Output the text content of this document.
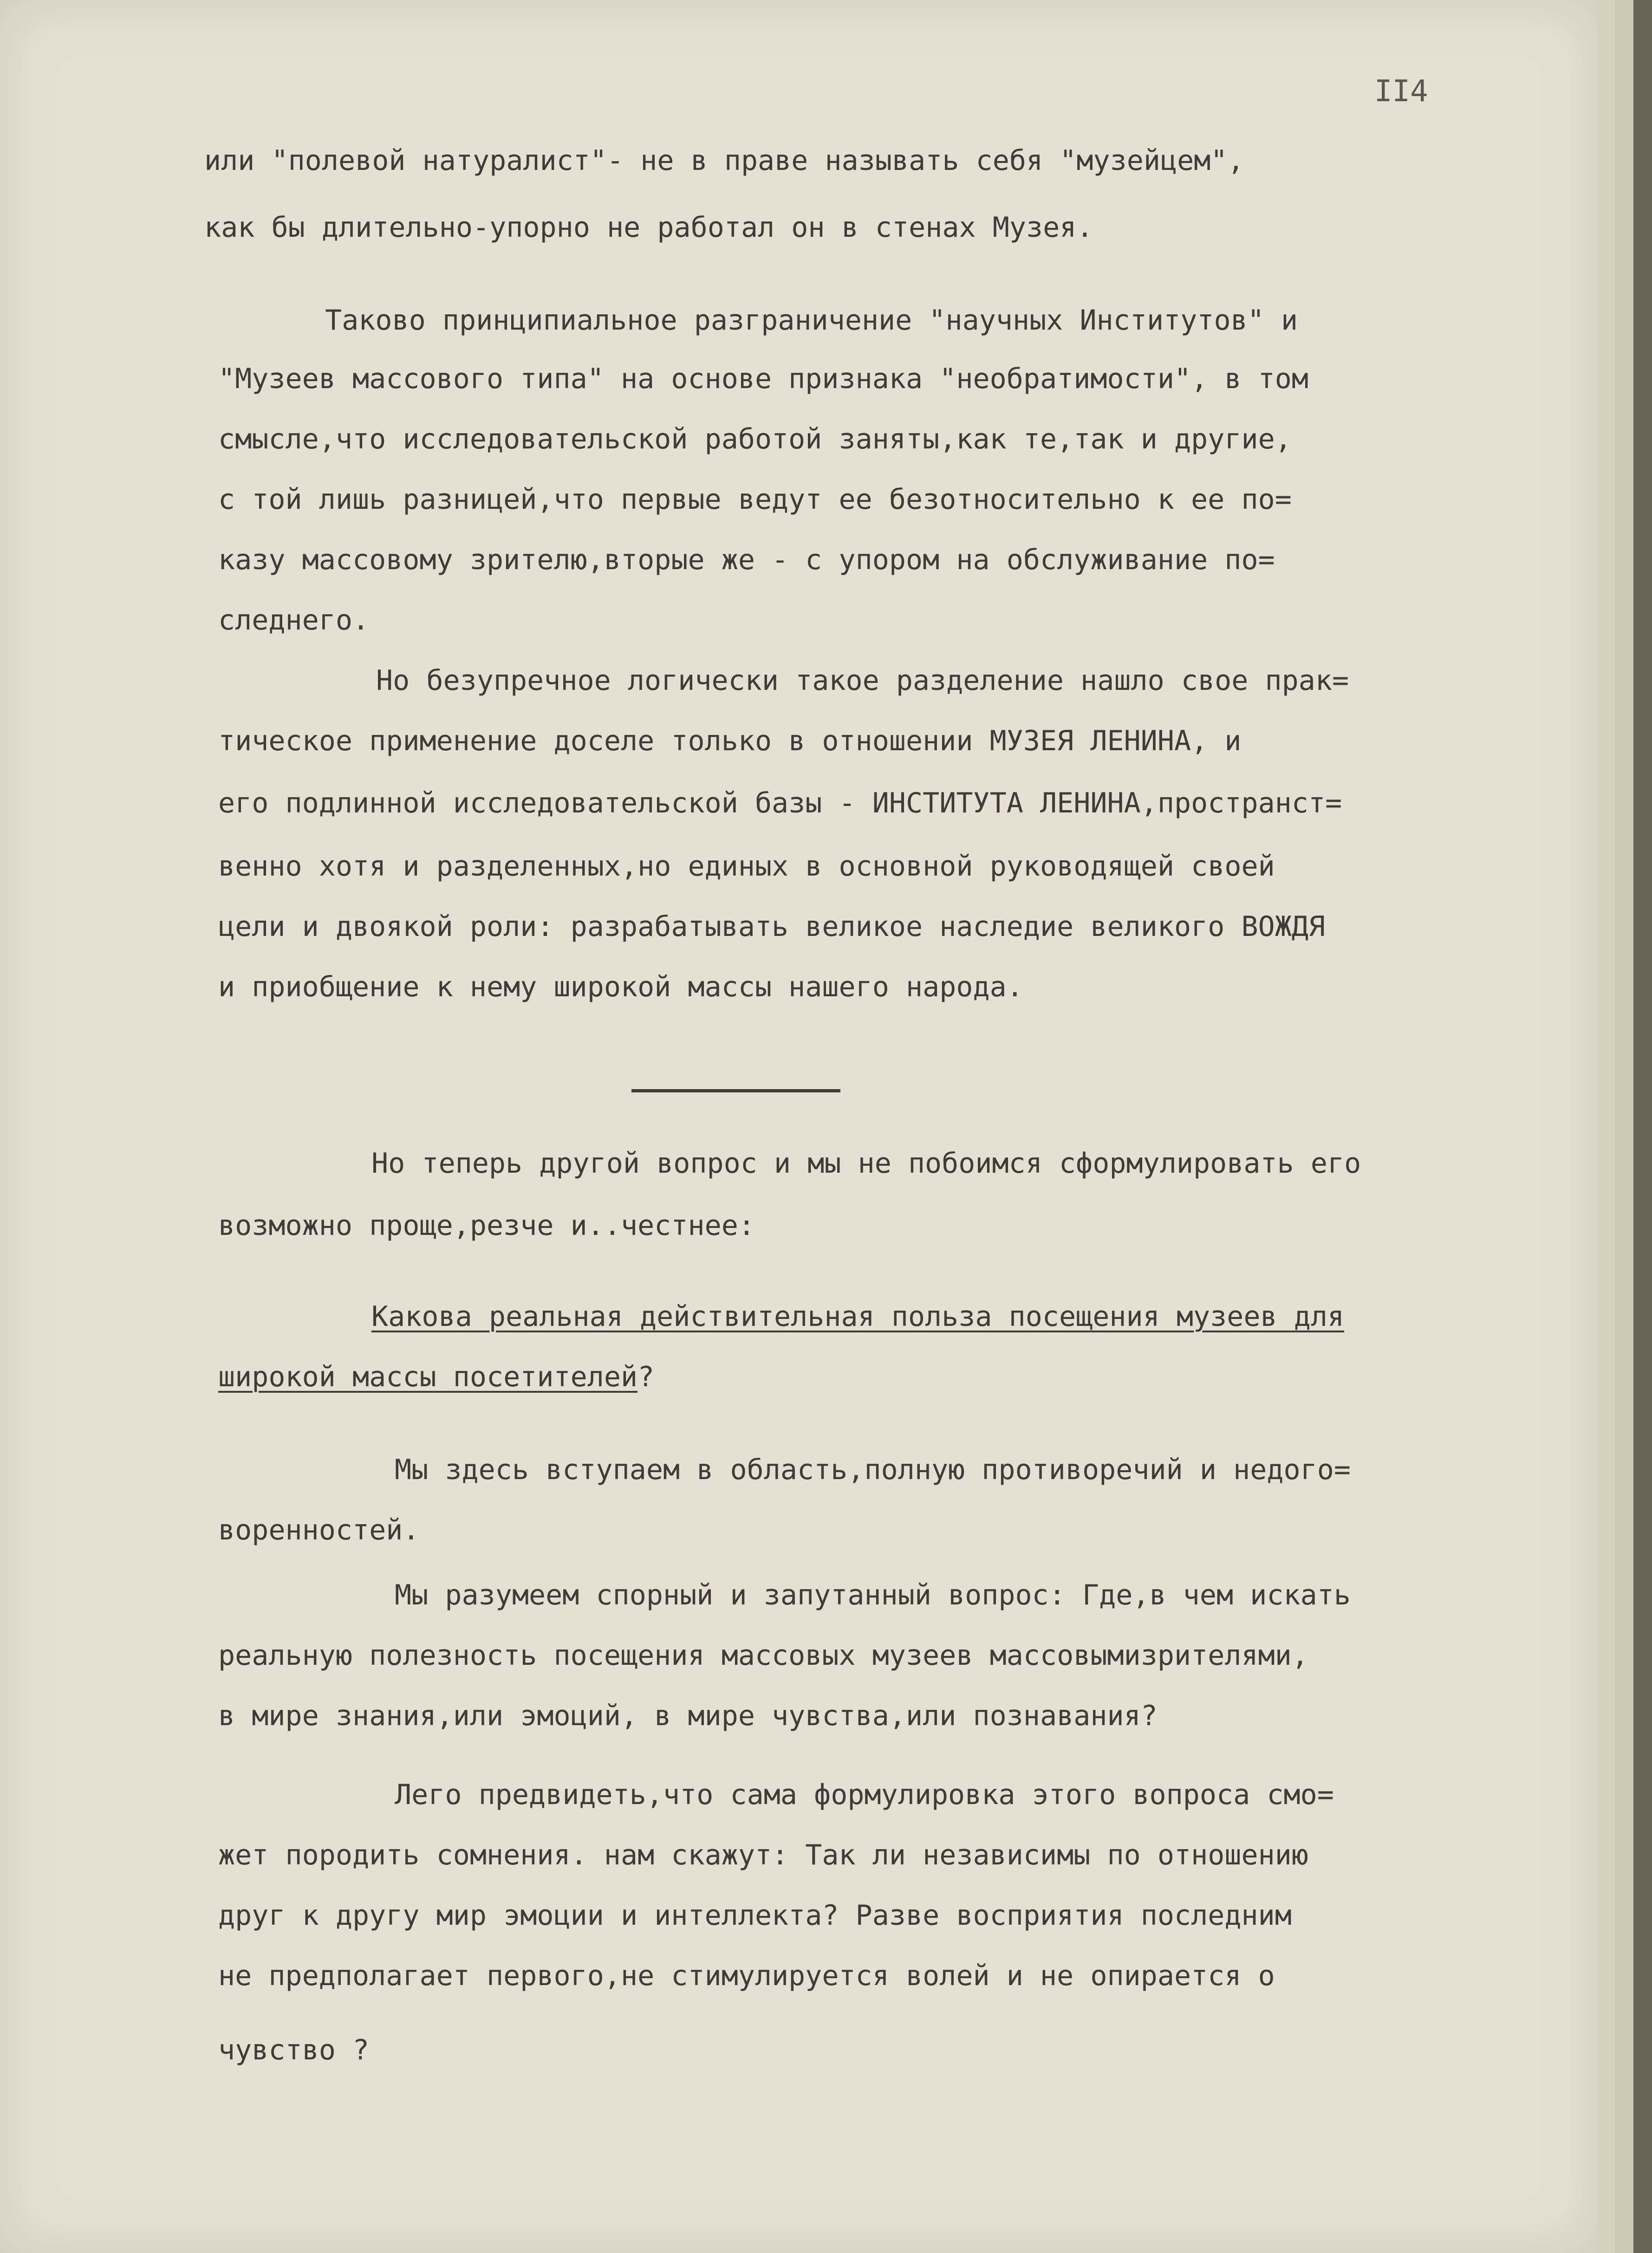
II4
или "полевой натуралист"- не в праве называть себя "музейцем",
как бы длительно-упорно не работал он в стенах Музея.
Таково принципиальное разграничение "научных Институтов" и
"Музеев массового типа" на основе признака "необратимости", в том
смысле,что исследовательской работой заняты,как те,так и другие,
с той лишь разницей,что первые ведут ее безотносительно к ее по=
казу массовому зрителю,вторые же - с упором на обслуживание по=
следнего.
Но безупречное логически такое разделение нашло свое прак=
тическое применение доселе только в отношении МУЗЕЯ ЛЕНИНА, и
его подлинной исследовательской базы - ИНСТИТУТА ЛЕНИНА,пространст=
венно хотя и разделенных,но единых в основной руководящей своей
цели и двоякой роли: разрабатывать великое наследие великого ВОЖДЯ
и приобщение к нему широкой массы нашего народа.
Но теперь другой вопрос и мы не побоимся сформулировать его
возможно проще,резче и..честнее:
Какова реальная действительная польза посещения музеев для
широкой массы посетителей?
Мы здесь вступаем в область,полную противоречий и недого=
воренностей.
Мы разумеем спорный и запутанный вопрос: Где,в чем искать
реальную полезность посещения массовых музеев массовымизрителями,
в мире знания,или эмоций, в мире чувства,или познавания?
Лего предвидеть,что сама формулировка этого вопроса смо=
жет породить сомнения. нам скажут: Так ли независимы по отношению
друг к другу мир эмоции и интеллекта? Разве восприятия последним
не предполагает первого,не стимулируется волей и не опирается о
чувство ?
